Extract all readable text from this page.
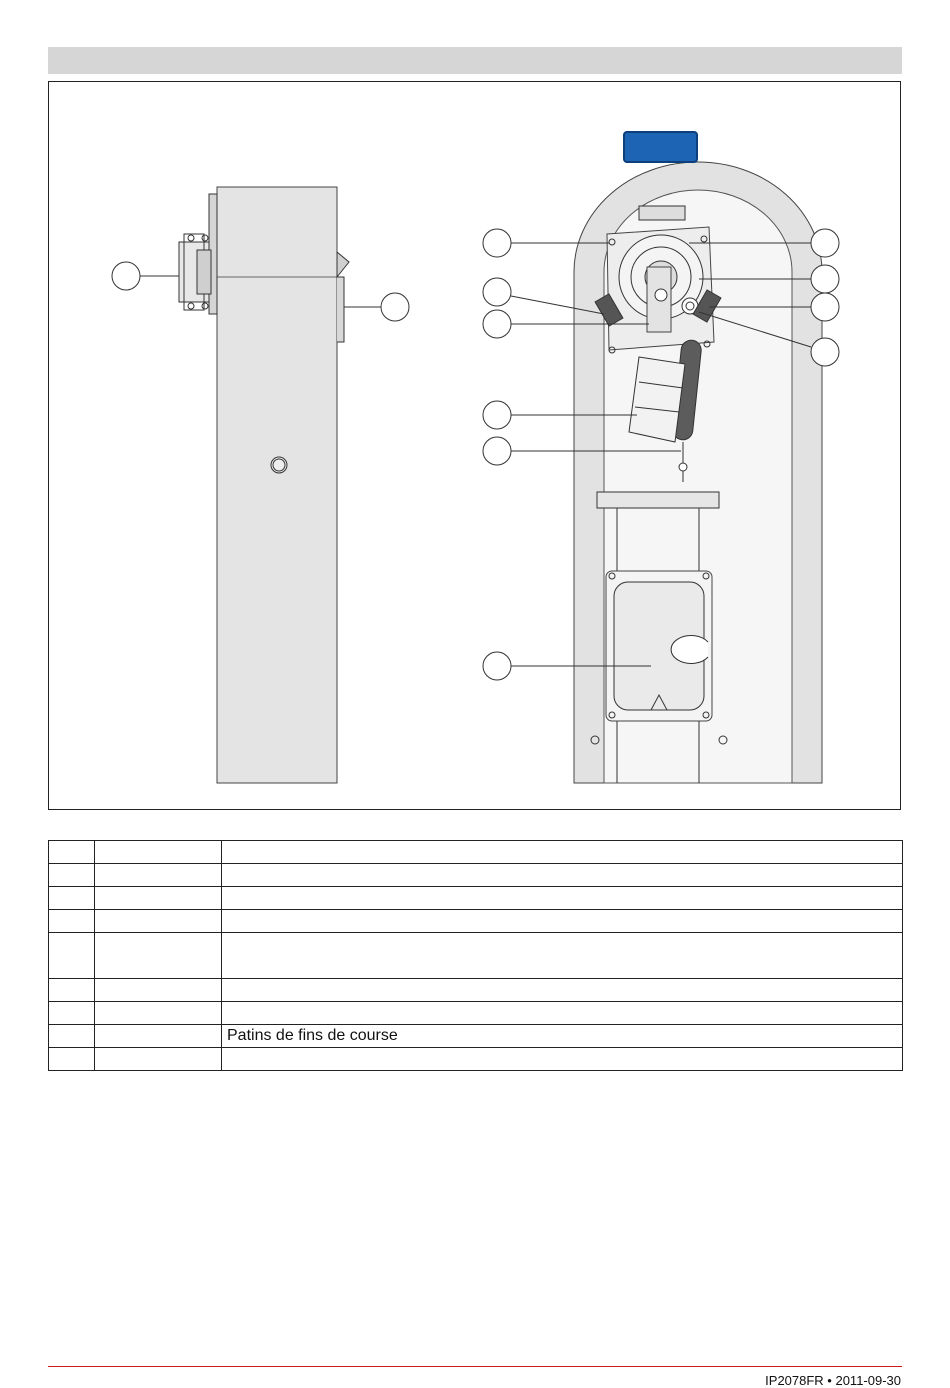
		Patins de fins de course

IP2078FR • 2011-09-30
